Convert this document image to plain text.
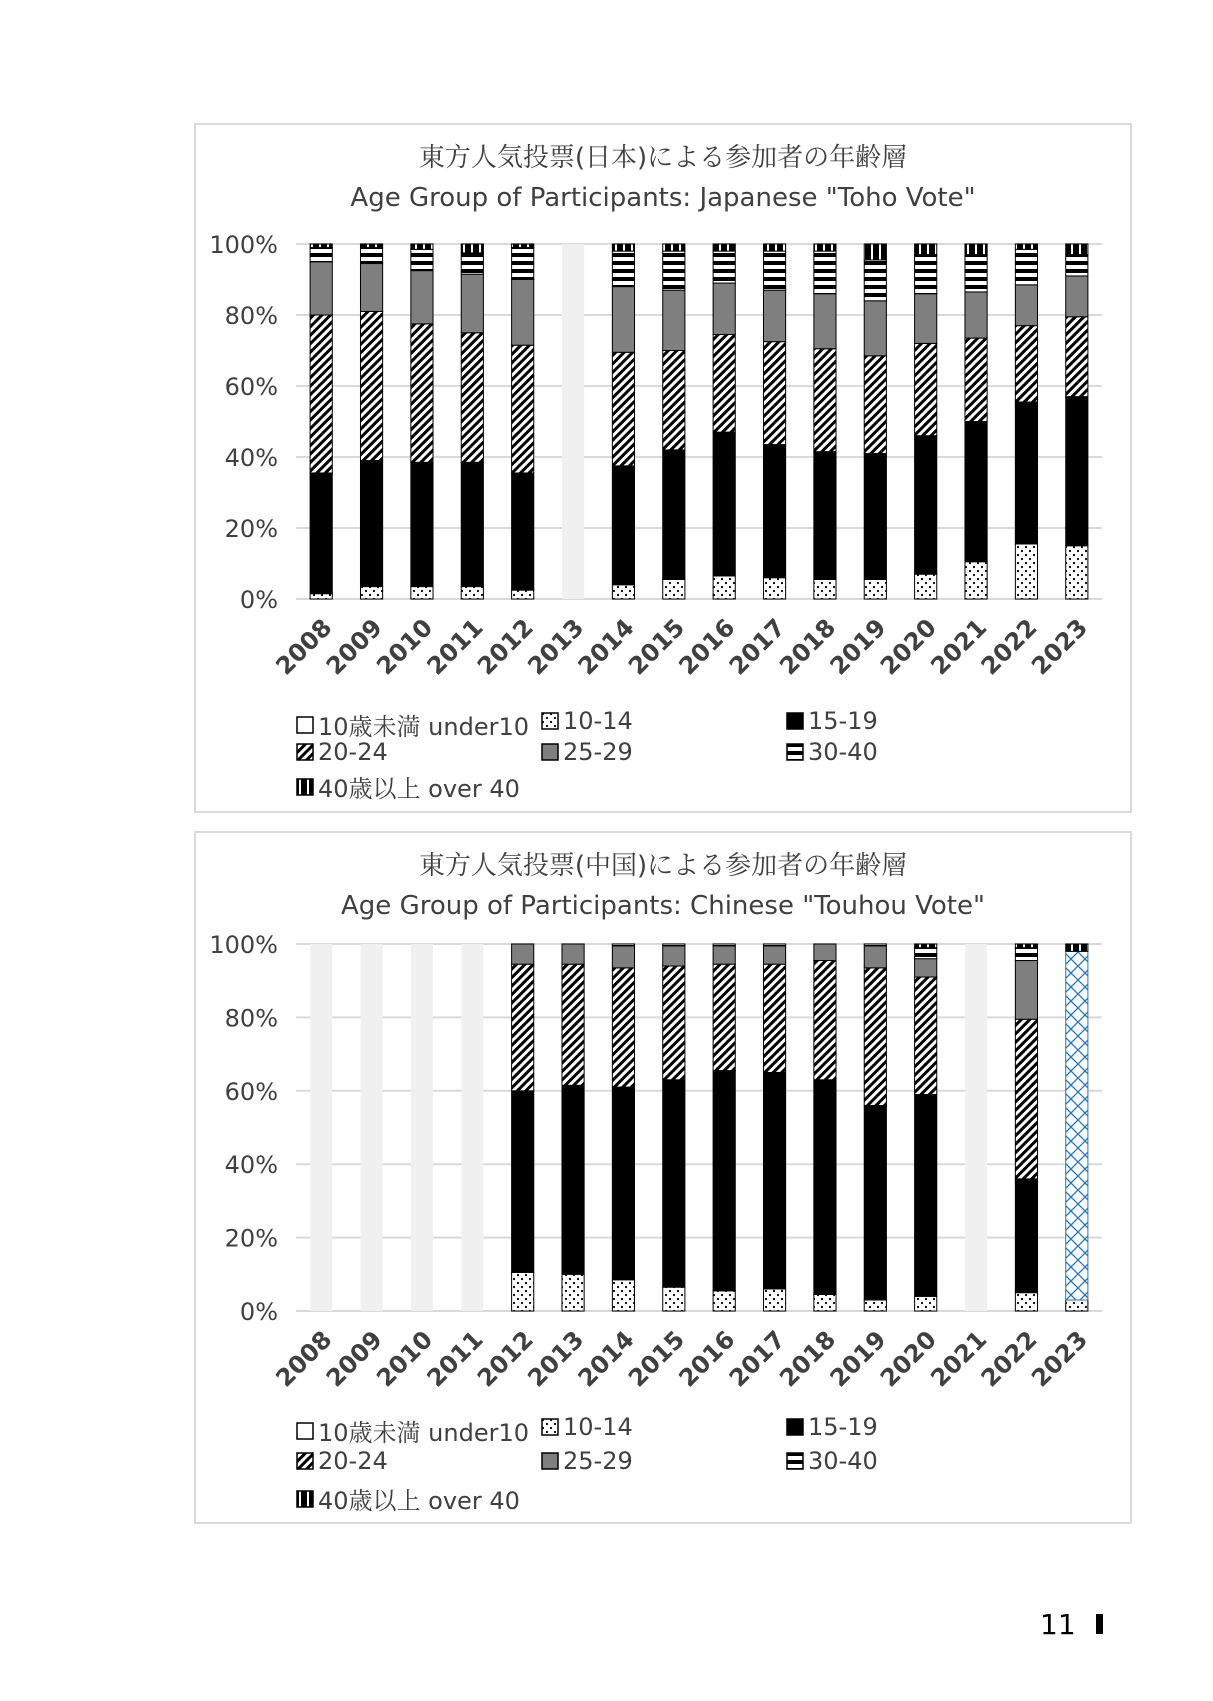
東方人気投票(日本)による参加者の年齢層
Age Group of Participants: Japanese "Toho Vote"
0%
20%
40%
60%
80%
100%
2008
2009
2010
2011
2012
2013
2014
2015
2016
2017
2018
2019
2020
2021
2022
2023
10歳未満 under10 10-14	15-19
20-24	25-29	30-40
40歳以上 over 40
東方人気投票(中国)による参加者の年齢層
Age Group of Participants: Chinese "Touhou Vote"
0%
20%
40%
60%
80%
100%
2008
2009
2010
2011
2012
2013
2014
2015
2016
2017
2018
2019
2020
2021
2022
2023
10歳未満 under10 10-14	15-19
20-24	25-29	30-40
40歳以上 over 40
11
